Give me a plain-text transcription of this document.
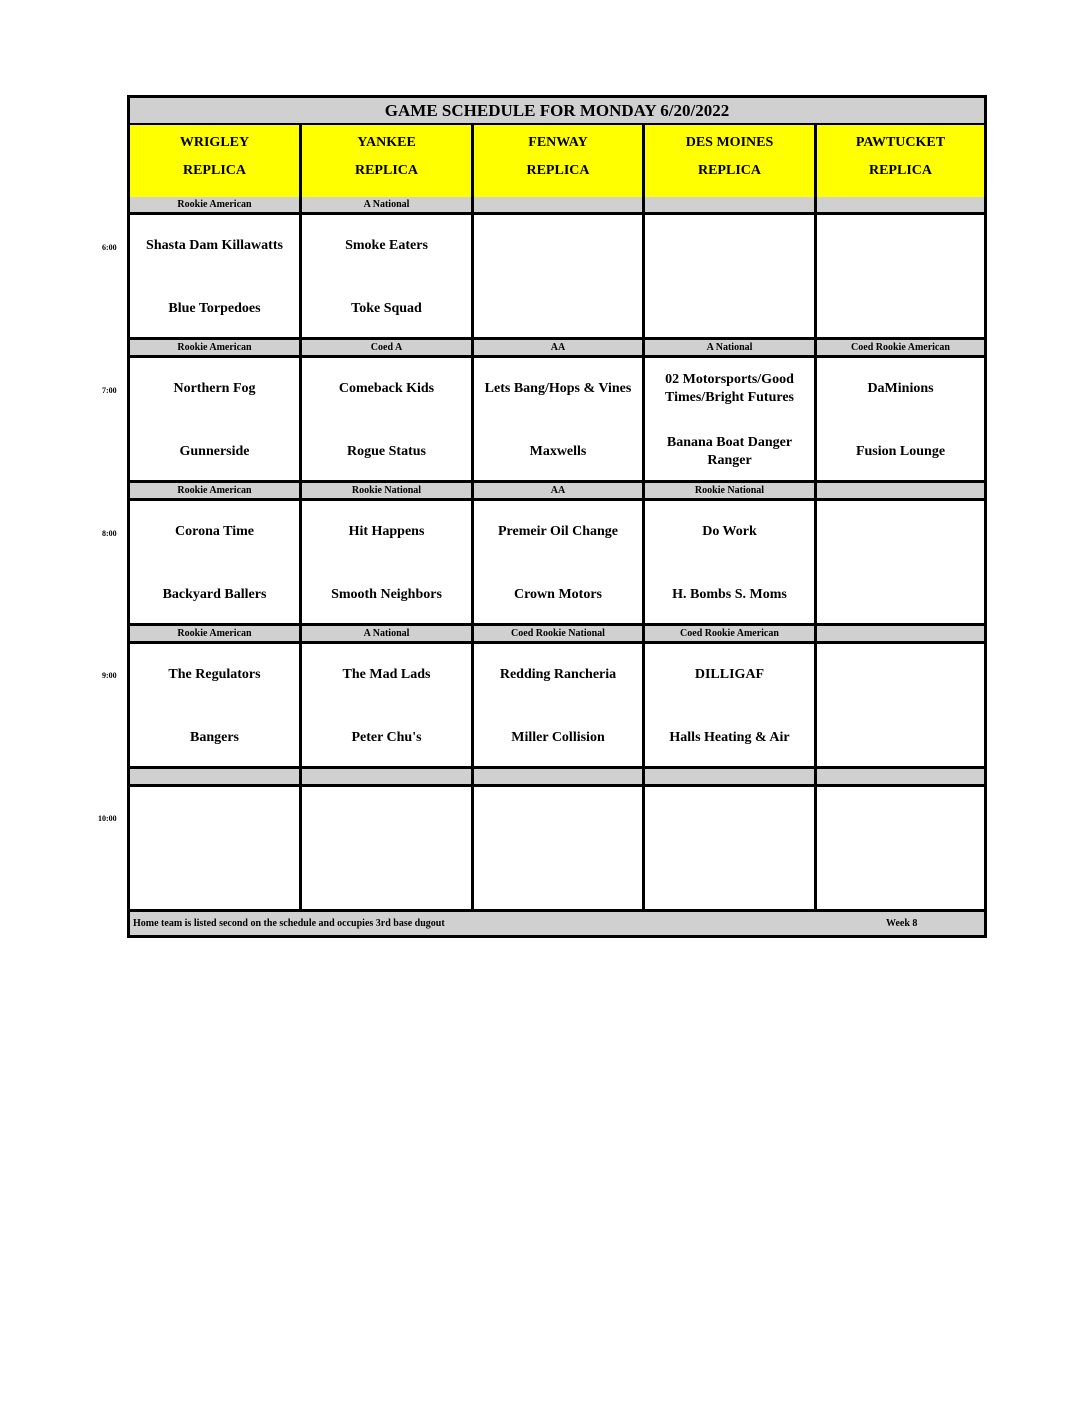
GAME SCHEDULE FOR MONDAY 6/20/2022
WRIGLEY
REPLICA
YANKEE
REPLICA
FENWAY
REPLICA
DES MOINES
REPLICA
PAWTUCKET
REPLICA
Rookie American
Shasta Dam Killawatts
Blue Torpedoes
A National
Smoke Eaters
Toke Squad
Rookie American
Northern Fog
Gunnerside
Coed A
Comeback Kids
Rogue Status
AA
Lets Bang/Hops & Vines
Maxwells
A National
02 Motorsports/Good Times/Bright Futures
Banana Boat Danger Ranger
Coed Rookie American
DaMinions
Fusion Lounge
Rookie American
Corona Time
Backyard Ballers
Rookie National
Hit Happens
Smooth Neighbors
AA
Premeir Oil Change
Crown Motors
Rookie National
Do Work
H. Bombs S. Moms
Rookie American
The Regulators
Bangers
A National
The Mad Lads
Peter Chu's
Coed Rookie National
Redding Rancheria
Miller Collision
Coed Rookie American
DILLIGAF
Halls Heating & Air
Home team is listed second on the schedule and occupies 3rd base dugout	Week 8
6:00
7:00
8:00
9:00
10:00
